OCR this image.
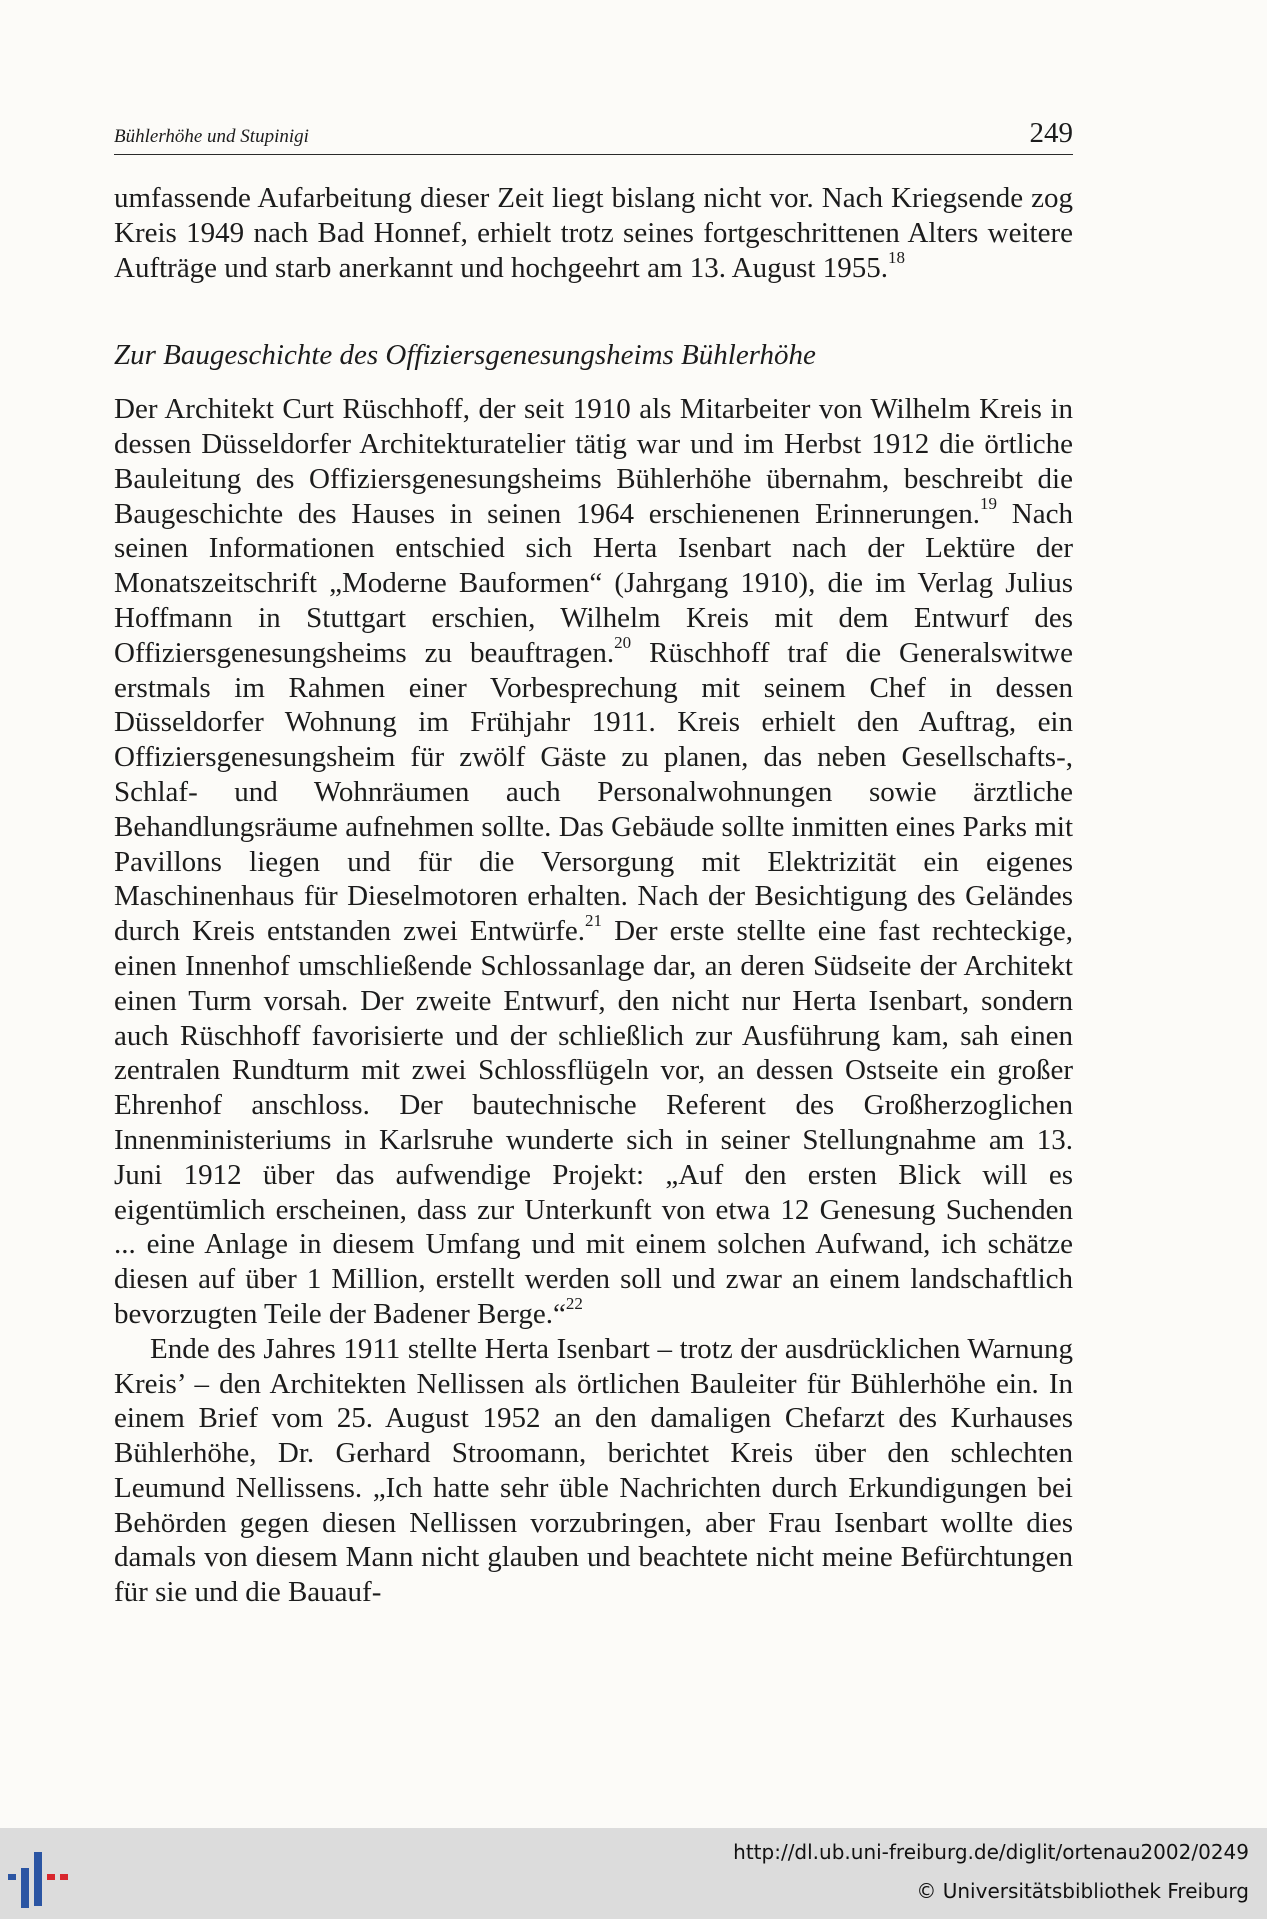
Bühlerhöhe und Stupinigi	249

umfassende Aufarbeitung dieser Zeit liegt bislang nicht vor. Nach Kriegsende zog Kreis 1949 nach Bad Honnef, erhielt trotz seines fortgeschrittenen Alters weitere Aufträge und starb anerkannt und hochgeehrt am 13. August 1955.18

Zur Baugeschichte des Offiziersgenesungsheims Bühlerhöhe

Der Architekt Curt Rüschhoff, der seit 1910 als Mitarbeiter von Wilhelm Kreis in dessen Düsseldorfer Architekturatelier tätig war und im Herbst 1912 die örtliche Bauleitung des Offiziersgenesungsheims Bühlerhöhe übernahm, beschreibt die Baugeschichte des Hauses in seinen 1964 erschienenen Erinnerungen.$^{19}$ Nach seinen Informationen entschied sich Herta Isenbart nach der Lektüre der Monatszeitschrift „Moderne Bauformen“ (Jahrgang 1910), die im Verlag Julius Hoffmann in Stuttgart erschien, Wilhelm Kreis mit dem Entwurf des Offiziersgenesungsheims zu beauftragen.$^{20}$ Rüschhoff traf die Generalswitwe erstmals im Rahmen einer Vorbesprechung mit seinem Chef in dessen Düsseldorfer Wohnung im Frühjahr 1911. Kreis erhielt den Auftrag, ein Offiziersgenesungsheim für zwölf Gäste zu planen, das neben Gesellschafts-, Schlaf- und Wohnräumen auch Personalwohnungen sowie ärztliche Behandlungsräume aufnehmen sollte. Das Gebäude sollte inmitten eines Parks mit Pavillons liegen und für die Versorgung mit Elektrizität ein eigenes Maschinenhaus für Dieselmotoren erhalten. Nach der Besichtigung des Geländes durch Kreis entstanden zwei Entwürfe.$^{21}$ Der erste stellte eine fast rechteckige, einen Innenhof umschließende Schlossanlage dar, an deren Südseite der Architekt einen Turm vorsah. Der zweite Entwurf, den nicht nur Herta Isenbart, sondern auch Rüschhoff favorisierte und der schließlich zur Ausführung kam, sah einen zentralen Rundturm mit zwei Schlossflügeln vor, an dessen Ostseite ein großer Ehrenhof anschloss. Der bautechnische Referent des Großherzoglichen Innenministeriums in Karlsruhe wunderte sich in seiner Stellungnahme am 13. Juni 1912 über das aufwendige Projekt: „Auf den ersten Blick will es eigentümlich erscheinen, dass zur Unterkunft von etwa 12 Genesung Suchenden ... eine Anlage in diesem Umfang und mit einem solchen Aufwand, ich schätze diesen auf über 1 Million, erstellt werden soll und zwar an einem landschaftlich bevorzugten Teile der Badener Berge.“$^{22}$

Ende des Jahres 1911 stellte Herta Isenbart – trotz der ausdrücklichen Warnung Kreis’ – den Architekten Nellissen als örtlichen Bauleiter für Bühlerhöhe ein. In einem Brief vom 25. August 1952 an den damaligen Chefarzt des Kurhauses Bühlerhöhe, Dr. Gerhard Stroomann, berichtet Kreis über den schlechten Leumund Nellissens. „Ich hatte sehr üble Nachrichten durch Erkundigungen bei Behörden gegen diesen Nellissen vorzubringen, aber Frau Isenbart wollte dies damals von diesem Mann nicht glauben und beachtete nicht meine Befürchtungen für sie und die Bauauf-

http://dl.ub.uni-freiburg.de/diglit/ortenau2002/0249
© Universitätsbibliothek Freiburg
